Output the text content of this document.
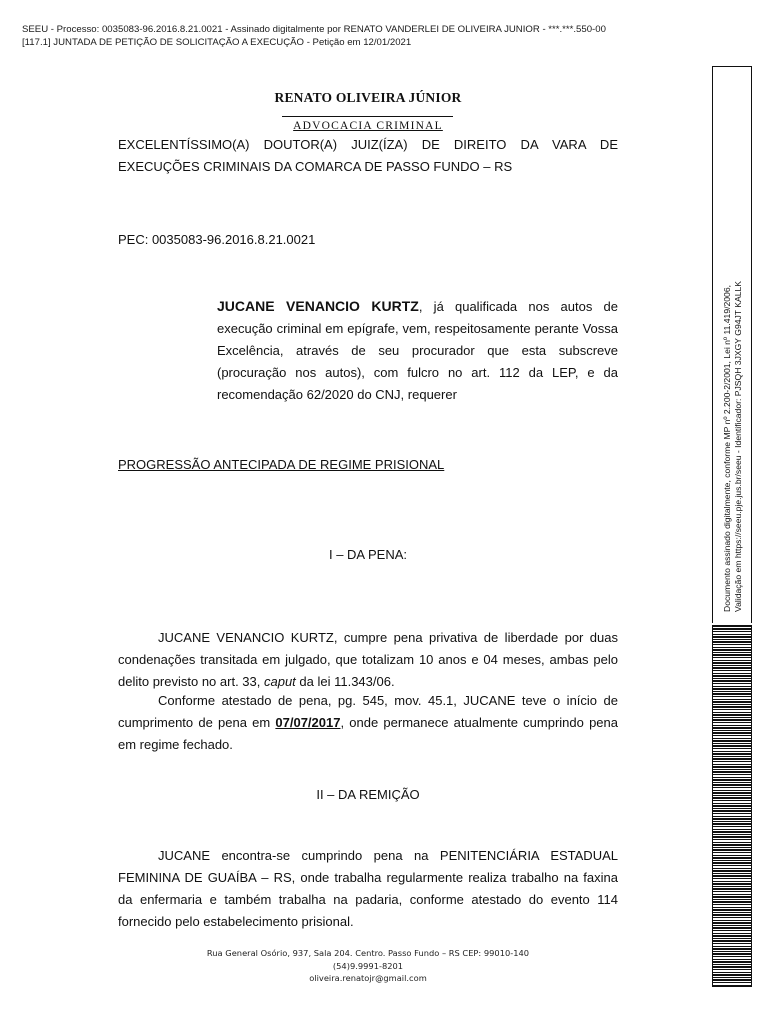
SEEU - Processo: 0035083-96.2016.8.21.0021 - Assinado digitalmente por RENATO VANDERLEI DE OLIVEIRA JUNIOR - ***.***.550-00
[117.1] JUNTADA DE PETIÇÃO DE SOLICITAÇÃO A EXECUÇÃO - Petição em 12/01/2021
RENATO OLIVEIRA JÚNIOR
ADVOCACIA CRIMINAL
EXCELENTÍSSIMO(A) DOUTOR(A) JUIZ(ÍZA) DE DIREITO DA VARA DE
EXECUÇÕES CRIMINAIS DA COMARCA DE PASSO FUNDO – RS
PEC: 0035083-96.2016.8.21.0021
JUCANE VENANCIO KURTZ, já qualificada nos autos de execução criminal em epígrafe, vem, respeitosamente perante Vossa Excelência, através de seu procurador que esta subscreve (procuração nos autos), com fulcro no art. 112 da LEP, e da recomendação 62/2020 do CNJ, requerer
PROGRESSÃO ANTECIPADA DE REGIME PRISIONAL
I – DA PENA:
JUCANE VENANCIO KURTZ, cumpre pena privativa de liberdade por duas condenações transitada em julgado, que totalizam 10 anos e 04 meses, ambas pelo delito previsto no art. 33, caput da lei 11.343/06.
Conforme atestado de pena, pg. 545, mov. 45.1, JUCANE teve o início de cumprimento de pena em 07/07/2017, onde permanece atualmente cumprindo pena em regime fechado.
II – DA REMIÇÃO
JUCANE encontra-se cumprindo pena na PENITENCIÁRIA ESTADUAL FEMININA DE GUAÍBA – RS, onde trabalha regularmente realiza trabalho na faxina da enfermaria e também trabalha na padaria, conforme atestado do evento 114 fornecido pelo estabelecimento prisional.
Rua General Osório, 937, Sala 204. Centro. Passo Fundo – RS CEP: 99010-140
(54)9.9991-8201
oliveira.renatojr@gmail.com
Documento assinado digitalmente, conforme MP nº 2.200-2/2001, Lei nº 11.419/2006, Validação em https://seeu.pje.jus.br/seeu - Identificador: PJSQH 3JXGY G94JT KALLK
